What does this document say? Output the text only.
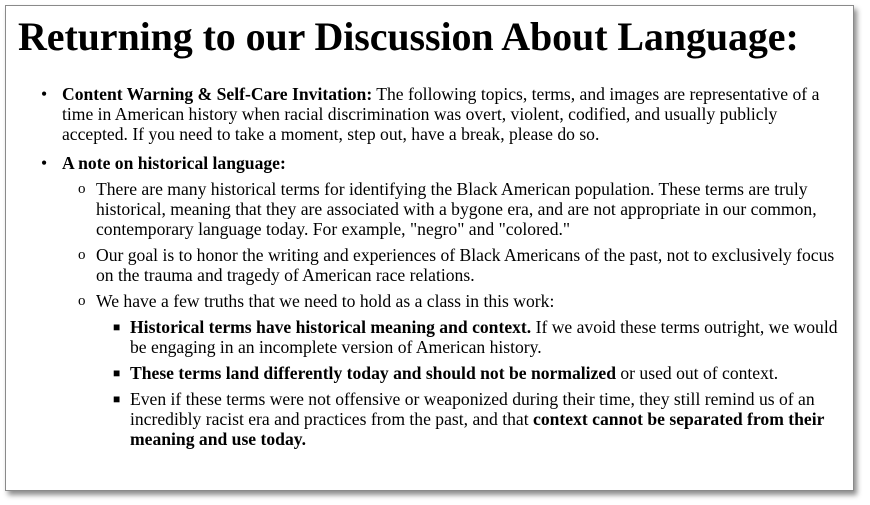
Returning to our Discussion About Language:
• Content Warning & Self-Care Invitation: The following topics, terms, and images are representative of a time in American history when racial discrimination was overt, violent, codified, and usually publicly accepted. If you need to take a moment, step out, have a break, please do so.
• A note on historical language:
o There are many historical terms for identifying the Black American population. These terms are truly historical, meaning that they are associated with a bygone era, and are not appropriate in our common, contemporary language today. For example, "negro" and "colored."
o Our goal is to honor the writing and experiences of Black Americans of the past, not to exclusively focus on the trauma and tragedy of American race relations.
o We have a few truths that we need to hold as a class in this work:
■ Historical terms have historical meaning and context. If we avoid these terms outright, we would be engaging in an incomplete version of American history.
■ These terms land differently today and should not be normalized or used out of context.
■ Even if these terms were not offensive or weaponized during their time, they still remind us of an incredibly racist era and practices from the past, and that context cannot be separated from their meaning and use today.
